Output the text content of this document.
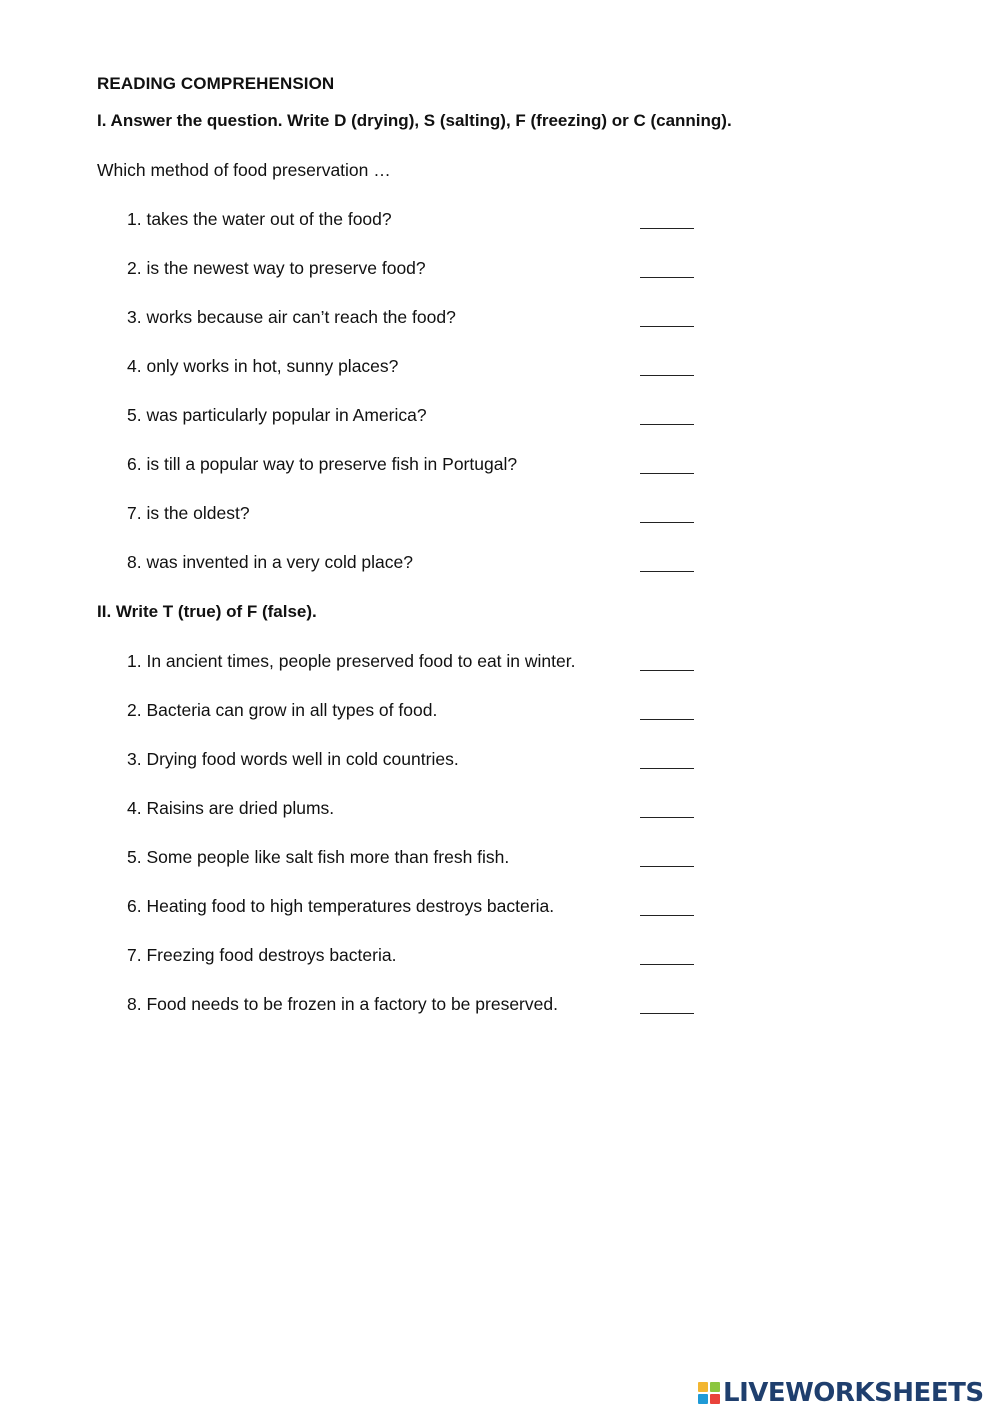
READING COMPREHENSION
I. Answer the question. Write D (drying), S (salting), F (freezing) or C (canning).
Which method of food preservation …
1. takes the water out of the food?
2. is the newest way to preserve food?
3. works because air can’t reach the food?
4. only works in hot, sunny places?
5. was particularly popular in America?
6. is till a popular way to preserve fish in Portugal?
7. is the oldest?
8. was invented in a very cold place?
II. Write T (true) of F (false).
1. In ancient times, people preserved food to eat in winter.
2. Bacteria can grow in all types of food.
3. Drying food words well in cold countries.
4. Raisins are dried plums.
5. Some people like salt fish more than fresh fish.
6. Heating food to high temperatures destroys bacteria.
7. Freezing food destroys bacteria.
8. Food needs to be frozen in a factory to be preserved.
LIVEWORKSHEETS
